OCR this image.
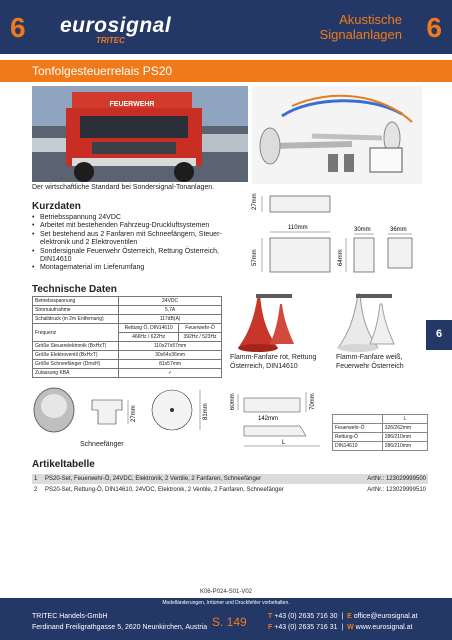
6 eurosignal
TRITEC
Akustische
Signalanlagen 6
Tonfolgesteuerrelais PS20
FEUERWEHR
Der wirtschaftliche Standard bei Sondersignal-Tonanlagen.
Kurzdaten
• Betriebsspannung 24VDC
• Arbeitet mit bestehenden Fahrzeug-Druckluftsystemen
• Set bestehend aus 2 Fanfaren mit Schneefängern, Steuer-elektronik und 2 Elektroventilen
• Sondersignale Feuerwehr Österreich, Rettung Österreich, DIN14610
• Montagematerial im Lieferumfang
27mm
110mm
57mm	64mm
30mm	36mm
Technische Daten
Betriebsspannung	24VDC	
Stromaufnahme	5,7A	
Schalldruck (in 2m Entfernung)	117dB(A)	
Frequenz	Rettung Ö, DIN14610	Feuerwehr-Ö
	466Hz / 622Hz	392Hz / 523Hz
Größe Steuerelektronik (BxHxT)	110x27x57mm	
Größe Elektroventil (BxHxT)	30x64x36mm	
Größe Schneefänger (DmxH)	81x57mm	
Zulassung KBA	✓	
Flamm-Fanfare rot, Rettung Österreich, DIN14610
Flamm-Fanfare weiß, Feuerwehr Österreich
6
27mm	81mm
Schneefänger
60mm
142mm
70mm
L
	L
Feuerwehr-Ö	326/262mm
Rettung-Ö	286/210mm
DIN14610	286/210mm
Artikeltabelle
1 PS20-Set, Feuerwehr-Ö, 24VDC, Elektronik, 2 Ventile, 2 Fanfaren, Schneefänger	ArtNr.: 123029999500
2 PS20-Set, Rettung-Ö, DIN14610, 24VDC, Elektronik, 2 Ventile, 2 Fanfaren, Schneefänger	ArtNr.: 123029999510
K06-P024-S01-V02
Modelländerungen, Irrtümer und Druckfehler vorbehalten.
TRITEC Handels-GmbH
Ferdinand Freiligrathgasse 5, 2620 Neunkirchen, Austria S. 149	T +43 (0) 2635 716 30  |  E office@eurosignal.at
F +43 (0) 2635 716 31  |  W www.eurosignal.at
